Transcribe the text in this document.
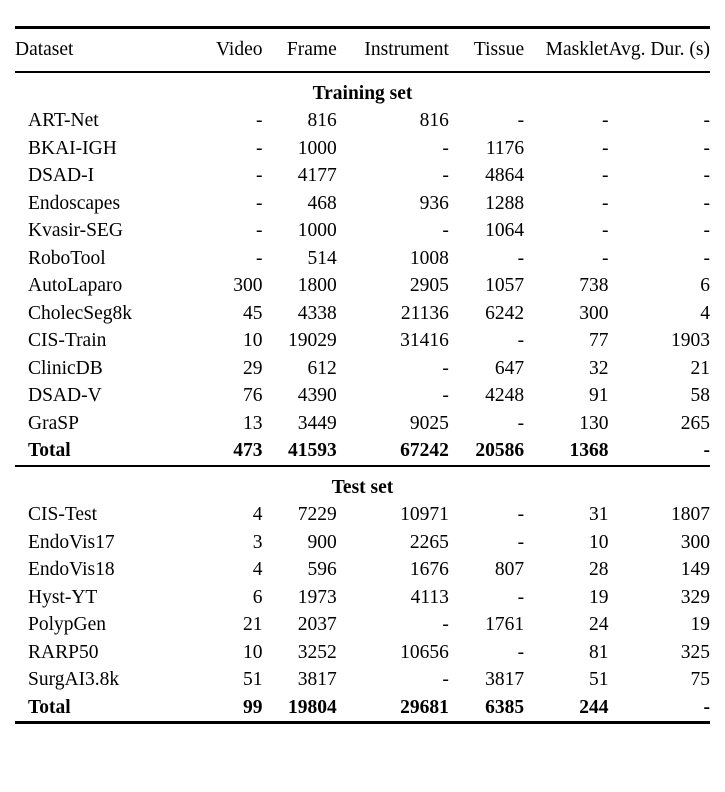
Dataset	Video	Frame	Instrument	Tissue	Masklet	Avg. Dur. (s)

Training set						
ART-Net	-	816	816	-	-	-
BKAI-IGH	-	1000	-	1176	-	-
DSAD-I	-	4177	-	4864	-	-
Endoscapes	-	468	936	1288	-	-
Kvasir-SEG	-	1000	-	1064	-	-
RoboTool	-	514	1008	-	-	-
AutoLaparo	300	1800	2905	1057	738	6
CholecSeg8k	45	4338	21136	6242	300	4
CIS-Train	10	19029	31416	-	77	1903
ClinicDB	29	612	-	647	32	21
DSAD-V	76	4390	-	4248	91	58
GraSP	13	3449	9025	-	130	265
Total	473	41593	67242	20586	1368	-

Test set						
CIS-Test	4	7229	10971	-	31	1807
EndoVis17	3	900	2265	-	10	300
EndoVis18	4	596	1676	807	28	149
Hyst-YT	6	1973	4113	-	19	329
PolypGen	21	2037	-	1761	24	19
RARP50	10	3252	10656	-	81	325
SurgAI3.8k	51	3817	-	3817	51	75
Total	99	19804	29681	6385	244	-
